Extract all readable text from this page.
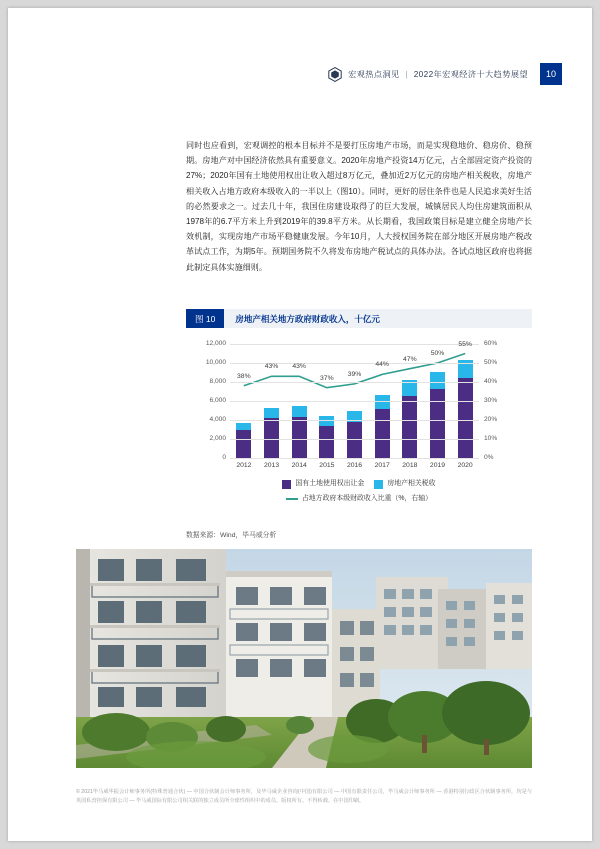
宏观热点洞见 | 2022年宏观经济十大趋势展望	10

同时也应看到，宏观调控的根本目标并不是要打压房地产市场，而是实现稳地价、稳房价、稳预期。房地产对中国经济依然具有重要意义。2020年房地产投资14万亿元，占全部固定资产投资的27%；2020年国有土地使用权出让收入超过8万亿元，叠加近2万亿元的房地产相关税收，房地产相关收入占地方政府本级收入的一半以上（图10）。同时，更好的居住条件也是人民追求美好生活的必然要求之一。过去几十年，我国住房建设取得了的巨大发展，城镇居民人均住房建筑面积从1978年的6.7平方米上升到2019年的39.8平方米。从长期看，我国政策目标是建立健全房地产长效机制，实现房地产市场平稳健康发展。今年10月，人大授权国务院在部分地区开展房地产税改革试点工作，为期5年。预期国务院不久将发布房地产税试点的具体办法。各试点地区政府也将据此制定具体实施细则。

图 10	房地产相关地方政府财政收入，十亿元
12,000
10,000
8,000
6,000
4,000
2,000
0
60%
50%
40%
30%
20%
10%
0%
38%
43% 43%
37%
39%
44%
47%
50%
55%
2012 2013 2014 2015 2016 2017 2018 2019 2020
国有土地使用权出让金	房地产相关税收
占地方政府本级财政收入比重（%，右轴）
数据来源：Wind，毕马威分析
© 2021毕马威华振会计师事务所(特殊普通合伙) — 中国合伙制会计师事务所，及毕马威企业咨询(中国)有限公司 — 中国有限责任公司，毕马威会计师事务所 — 香港特别行政区合伙制事务所，均是与英国私营担保有限公司 — 毕马威国际有限公司相关联的独立成员所全球性组织中的成员。版权所有。不得转载。在中国印刷。
